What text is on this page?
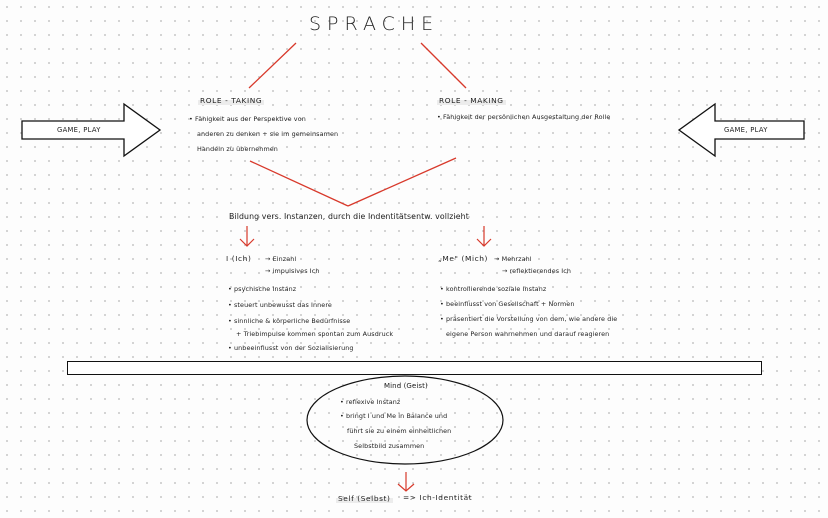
SPRACHE
GAME, PLAY	GAME, PLAY
ROLE - TAKING
• Fähigkeit aus der Perspektive von
anderen zu denken + sie im gemeinsamen
Handeln zu übernehmen
ROLE - MAKING
• Fähigkeit der persönlichen Ausgestaltung der Rolle
Bildung vers. Instanzen, durch die Indentitätsentw. vollzieht
I (Ich) → Einzahl
→ impulsives Ich
• psychische Instanz
• steuert unbewusst das Innere
• sinnliche & körperliche Bedürfnisse
+ Triebimpulse kommen spontan zum Ausdruck
• unbeeinflusst von der Sozialisierung
„Me" (Mich) → Mehrzahl
→ reflektierendes Ich
• kontrollierende soziale Instanz
• beeinflusst von Gesellschaft + Normen
• präsentiert die Vorstellung von dem, wie andere die
eigene Person wahrnehmen und darauf reagieren
Mind (Geist)
• reflexive Instanz
• bringt I und Me in Balance und
führt sie zu einem einheitlichen
Selbstbild zusammen
Self (Selbst) => Ich-Identität
